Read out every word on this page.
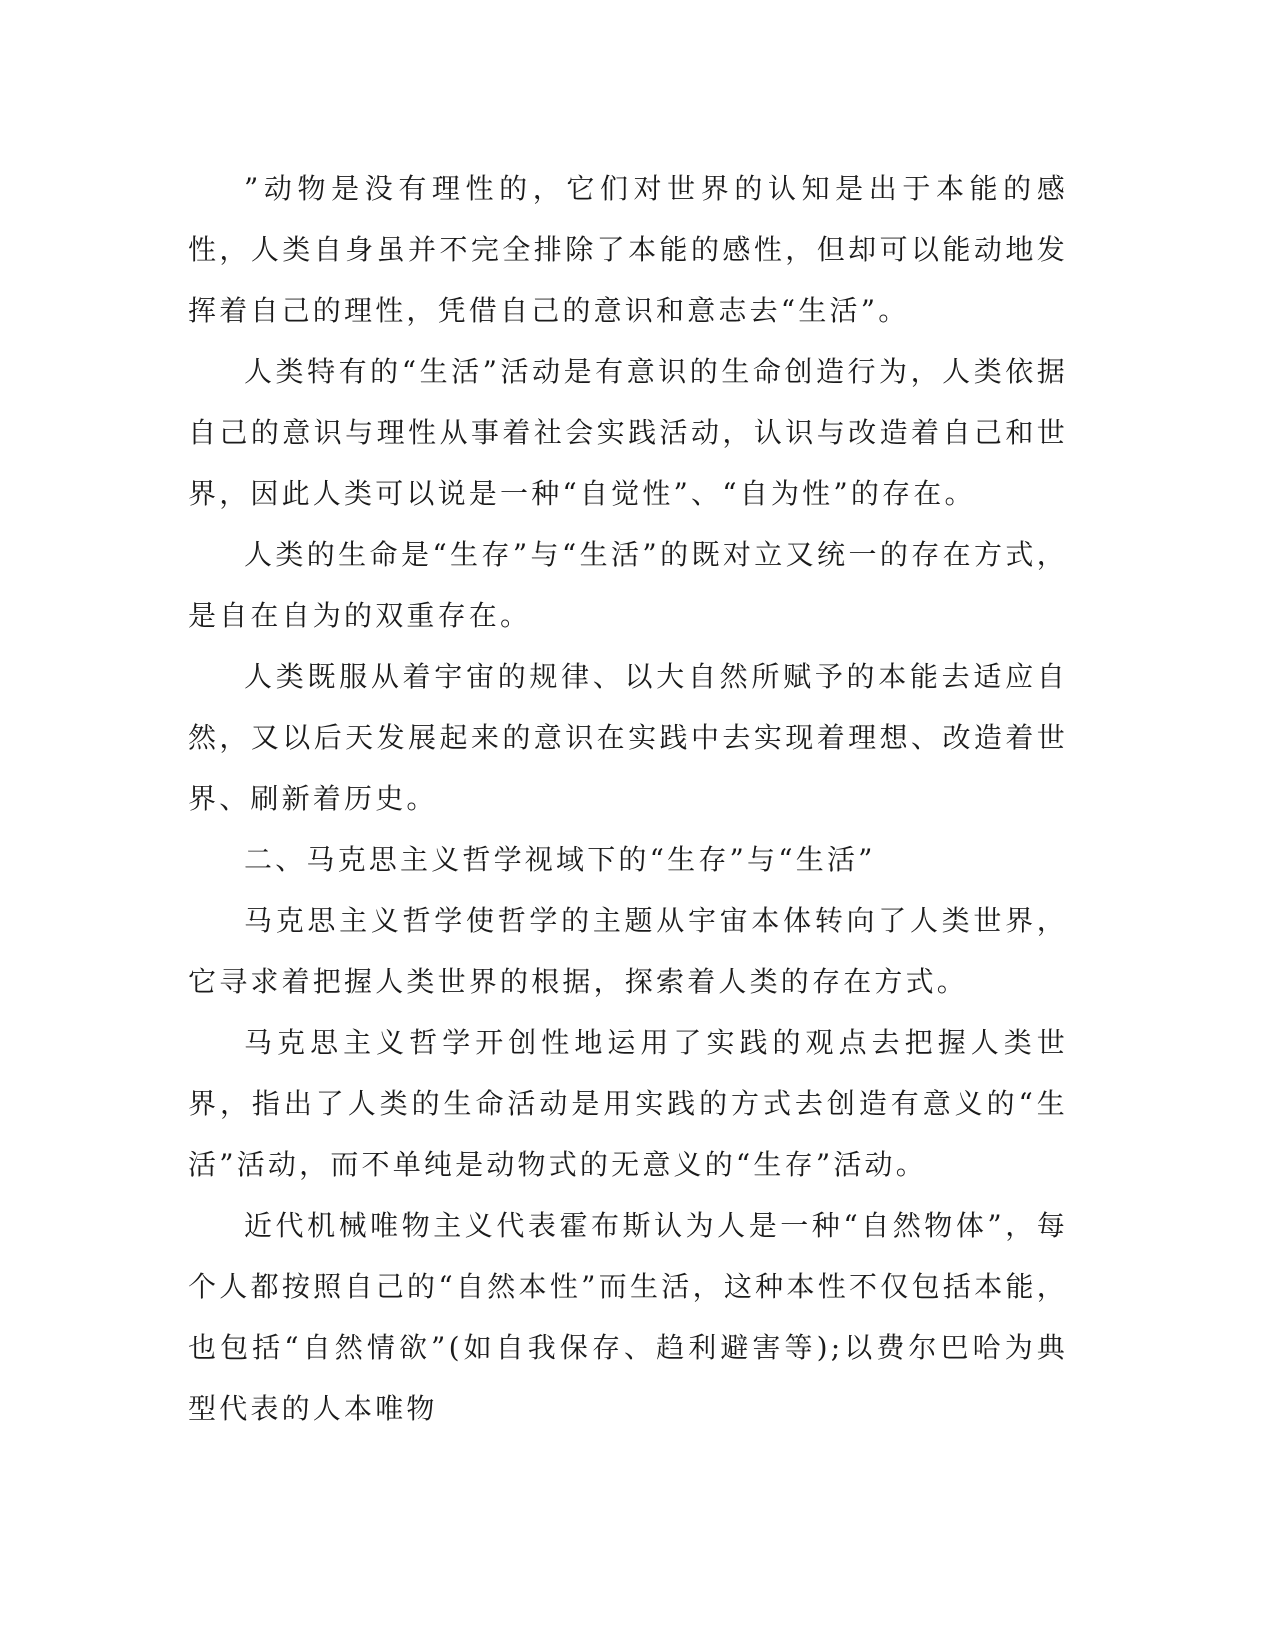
”动物是没有理性的，它们对世界的认知是出于本能的感性，人类自身虽并不完全排除了本能的感性，但却可以能动地发挥着自己的理性，凭借自己的意识和意志去“生活”。

人类特有的“生活”活动是有意识的生命创造行为，人类依据自己的意识与理性从事着社会实践活动，认识与改造着自己和世界，因此人类可以说是一种“自觉性”、“自为性”的存在。

人类的生命是“生存”与“生活”的既对立又统一的存在方式，是自在自为的双重存在。

人类既服从着宇宙的规律、以大自然所赋予的本能去适应自然，又以后天发展起来的意识在实践中去实现着理想、改造着世界、刷新着历史。

二、马克思主义哲学视域下的“生存”与“生活”

马克思主义哲学使哲学的主题从宇宙本体转向了人类世界，它寻求着把握人类世界的根据，探索着人类的存在方式。

马克思主义哲学开创性地运用了实践的观点去把握人类世界，指出了人类的生命活动是用实践的方式去创造有意义的“生活”活动，而不单纯是动物式的无意义的“生存”活动。

近代机械唯物主义代表霍布斯认为人是一种“自然物体”，每个人都按照自己的“自然本性”而生活，这种本性不仅包括本能，也包括“自然情欲”(如自我保存、趋利避害等);以费尔巴哈为典型代表的人本唯物
